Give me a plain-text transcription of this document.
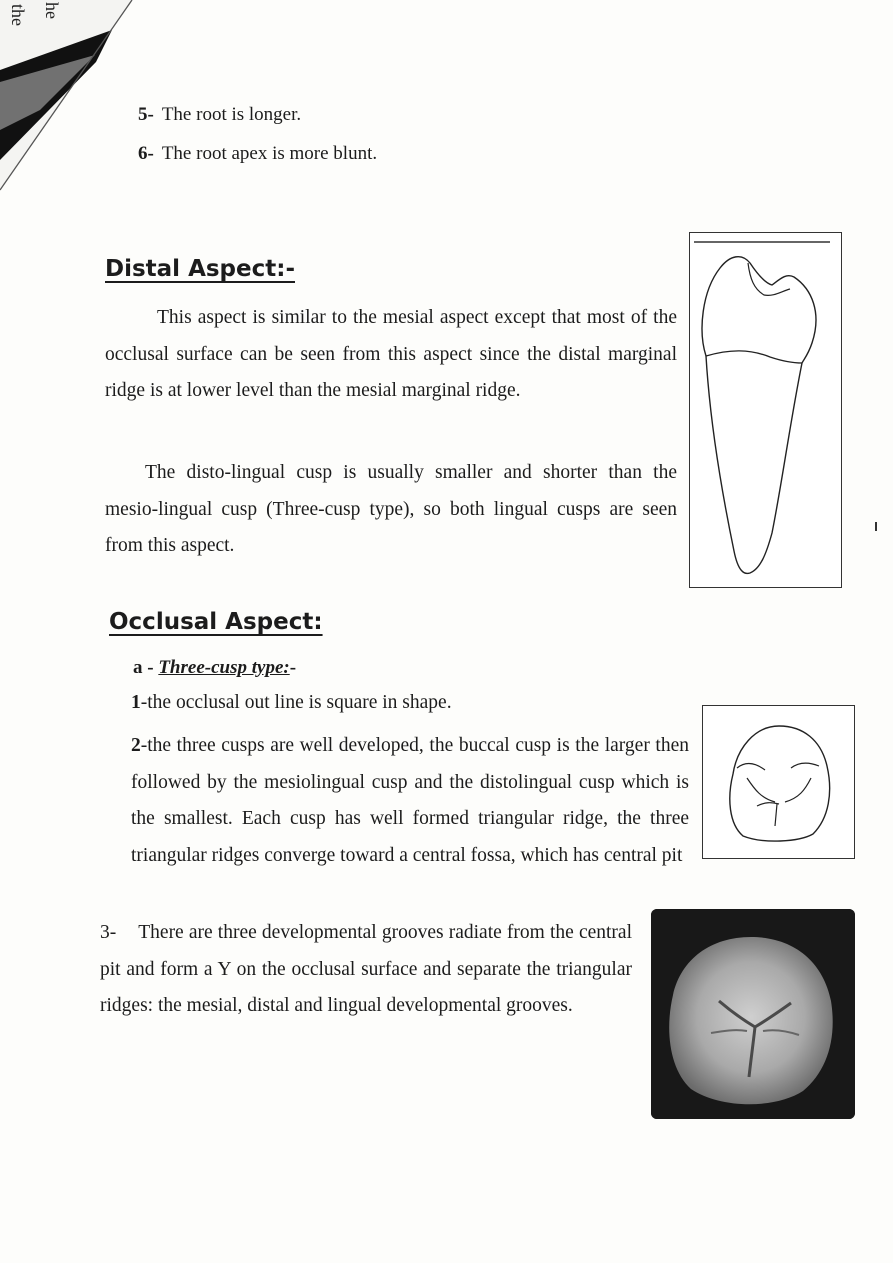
he
the
5- The root is longer.
6- The root apex is more blunt.
Distal Aspect:-

This aspect is similar to the mesial aspect except that most of the occlusal surface can be seen from this aspect since the distal marginal ridge is at lower level than the mesial marginal ridge.

The disto-lingual cusp is usually smaller and shorter than the mesio-lingual cusp (Three-cusp type), so both lingual cusps are seen from this aspect.

Occlusal Aspect:
a - Three-cusp type:-
1-the occlusal out line is square in shape.

2-the three cusps are well developed, the buccal cusp is the larger then followed by the mesiolingual cusp and the distolingual cusp which is the smallest. Each cusp has well formed triangular ridge, the three triangular ridges converge toward a central fossa, which has central pit

3- There are three developmental grooves radiate from the central pit and form a Y on the occlusal surface and separate the triangular ridges: the mesial, distal and lingual developmental grooves.
